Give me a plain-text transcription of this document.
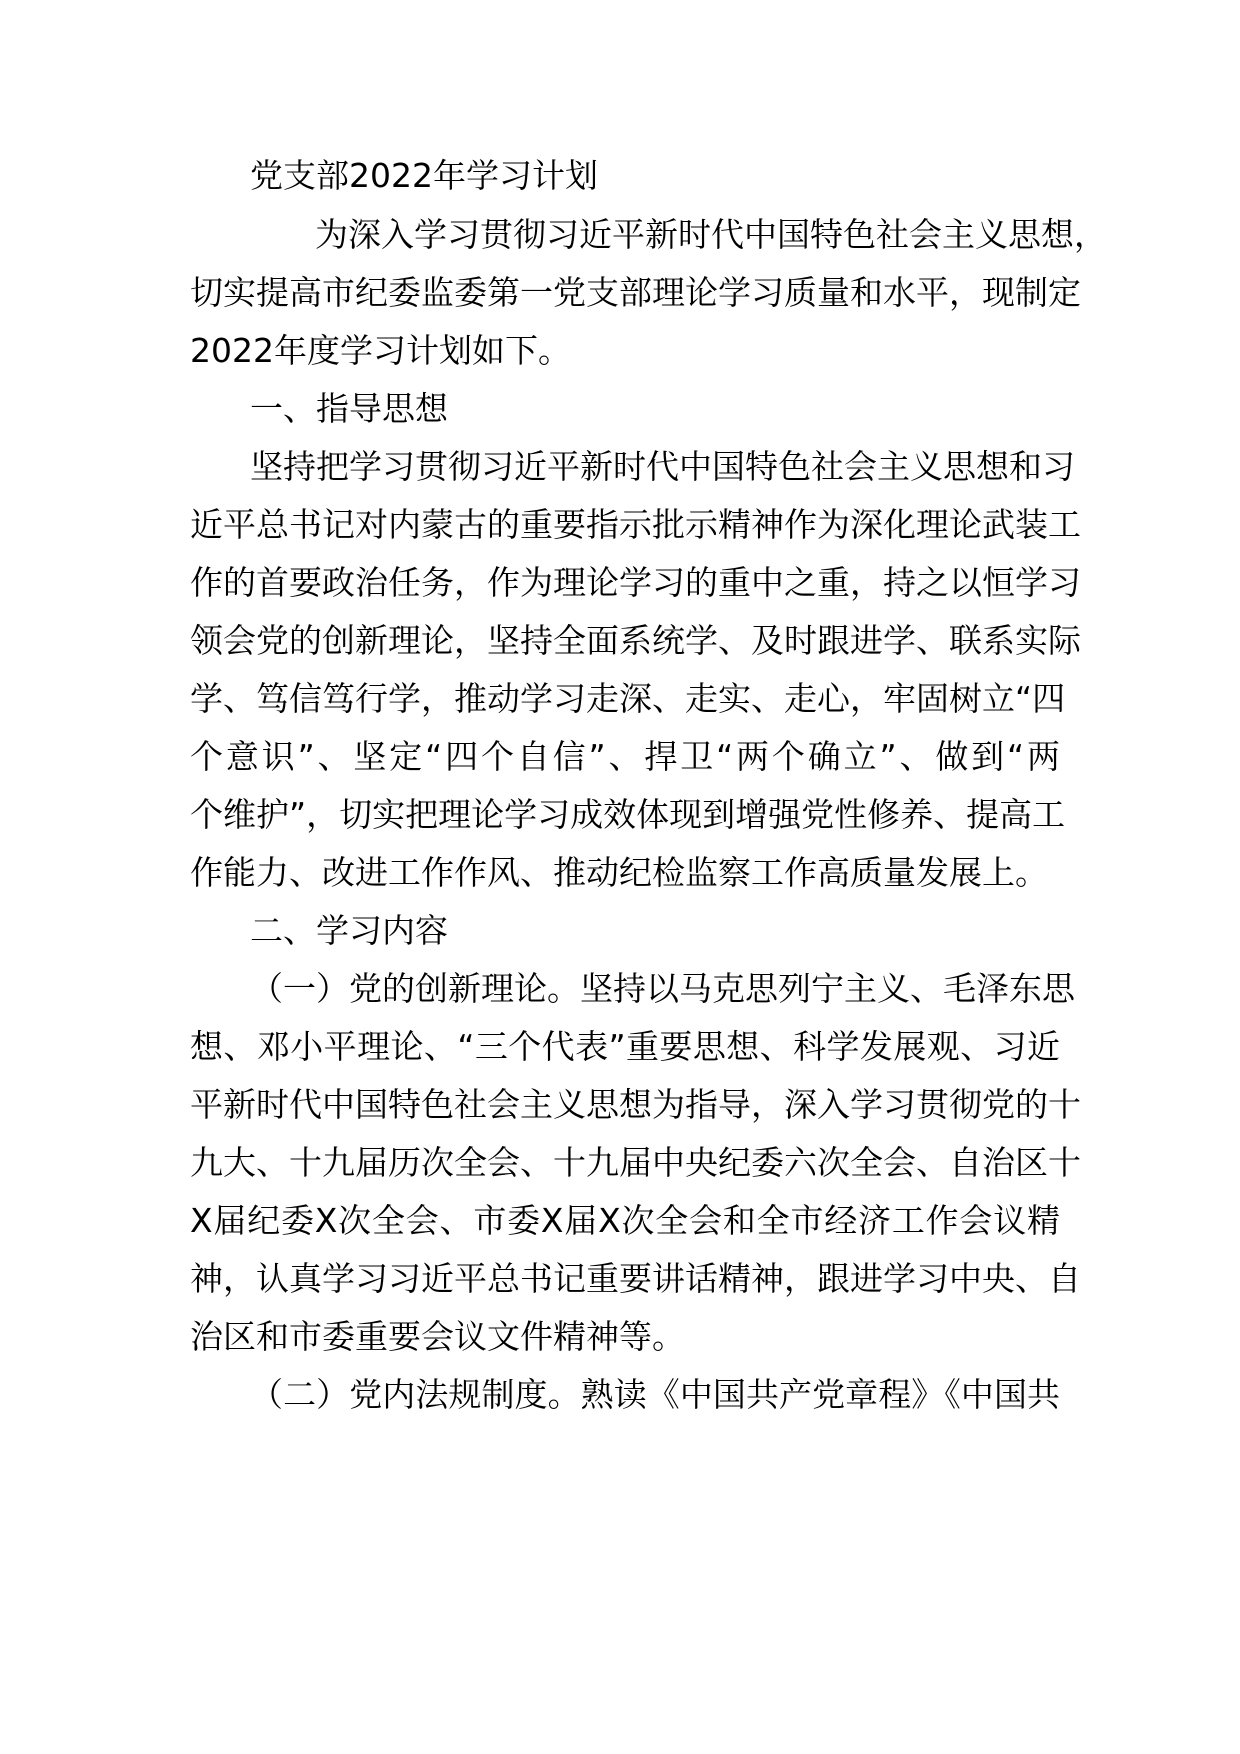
党支部2022年学习计划
为深入学习贯彻习近平新时代中国特色社会主义思想，
切实提高市纪委监委第一党支部理论学习质量和水平，现制定
2022年度学习计划如下。
一、指导思想
坚持把学习贯彻习近平新时代中国特色社会主义思想和习
近平总书记对内蒙古的重要指示批示精神作为深化理论武装工
作的首要政治任务，作为理论学习的重中之重，持之以恒学习
领会党的创新理论，坚持全面系统学、及时跟进学、联系实际
学、笃信笃行学，推动学习走深、走实、走心，牢固树立“四
个意识”、坚定“四个自信”、捍卫“两个确立”、做到“两
个维护”，切实把理论学习成效体现到增强党性修养、提高工
作能力、改进工作作风、推动纪检监察工作高质量发展上。
二、学习内容
（一）党的创新理论。坚持以马克思列宁主义、毛泽东思
想、邓小平理论、“三个代表”重要思想、科学发展观、习近
平新时代中国特色社会主义思想为指导，深入学习贯彻党的十
九大、十九届历次全会、十九届中央纪委六次全会、自治区十
X届纪委X次全会、市委X届X次全会和全市经济工作会议精
神，认真学习习近平总书记重要讲话精神，跟进学习中央、自
治区和市委重要会议文件精神等。
（二）党内法规制度。熟读《中国共产党章程》《中国共
